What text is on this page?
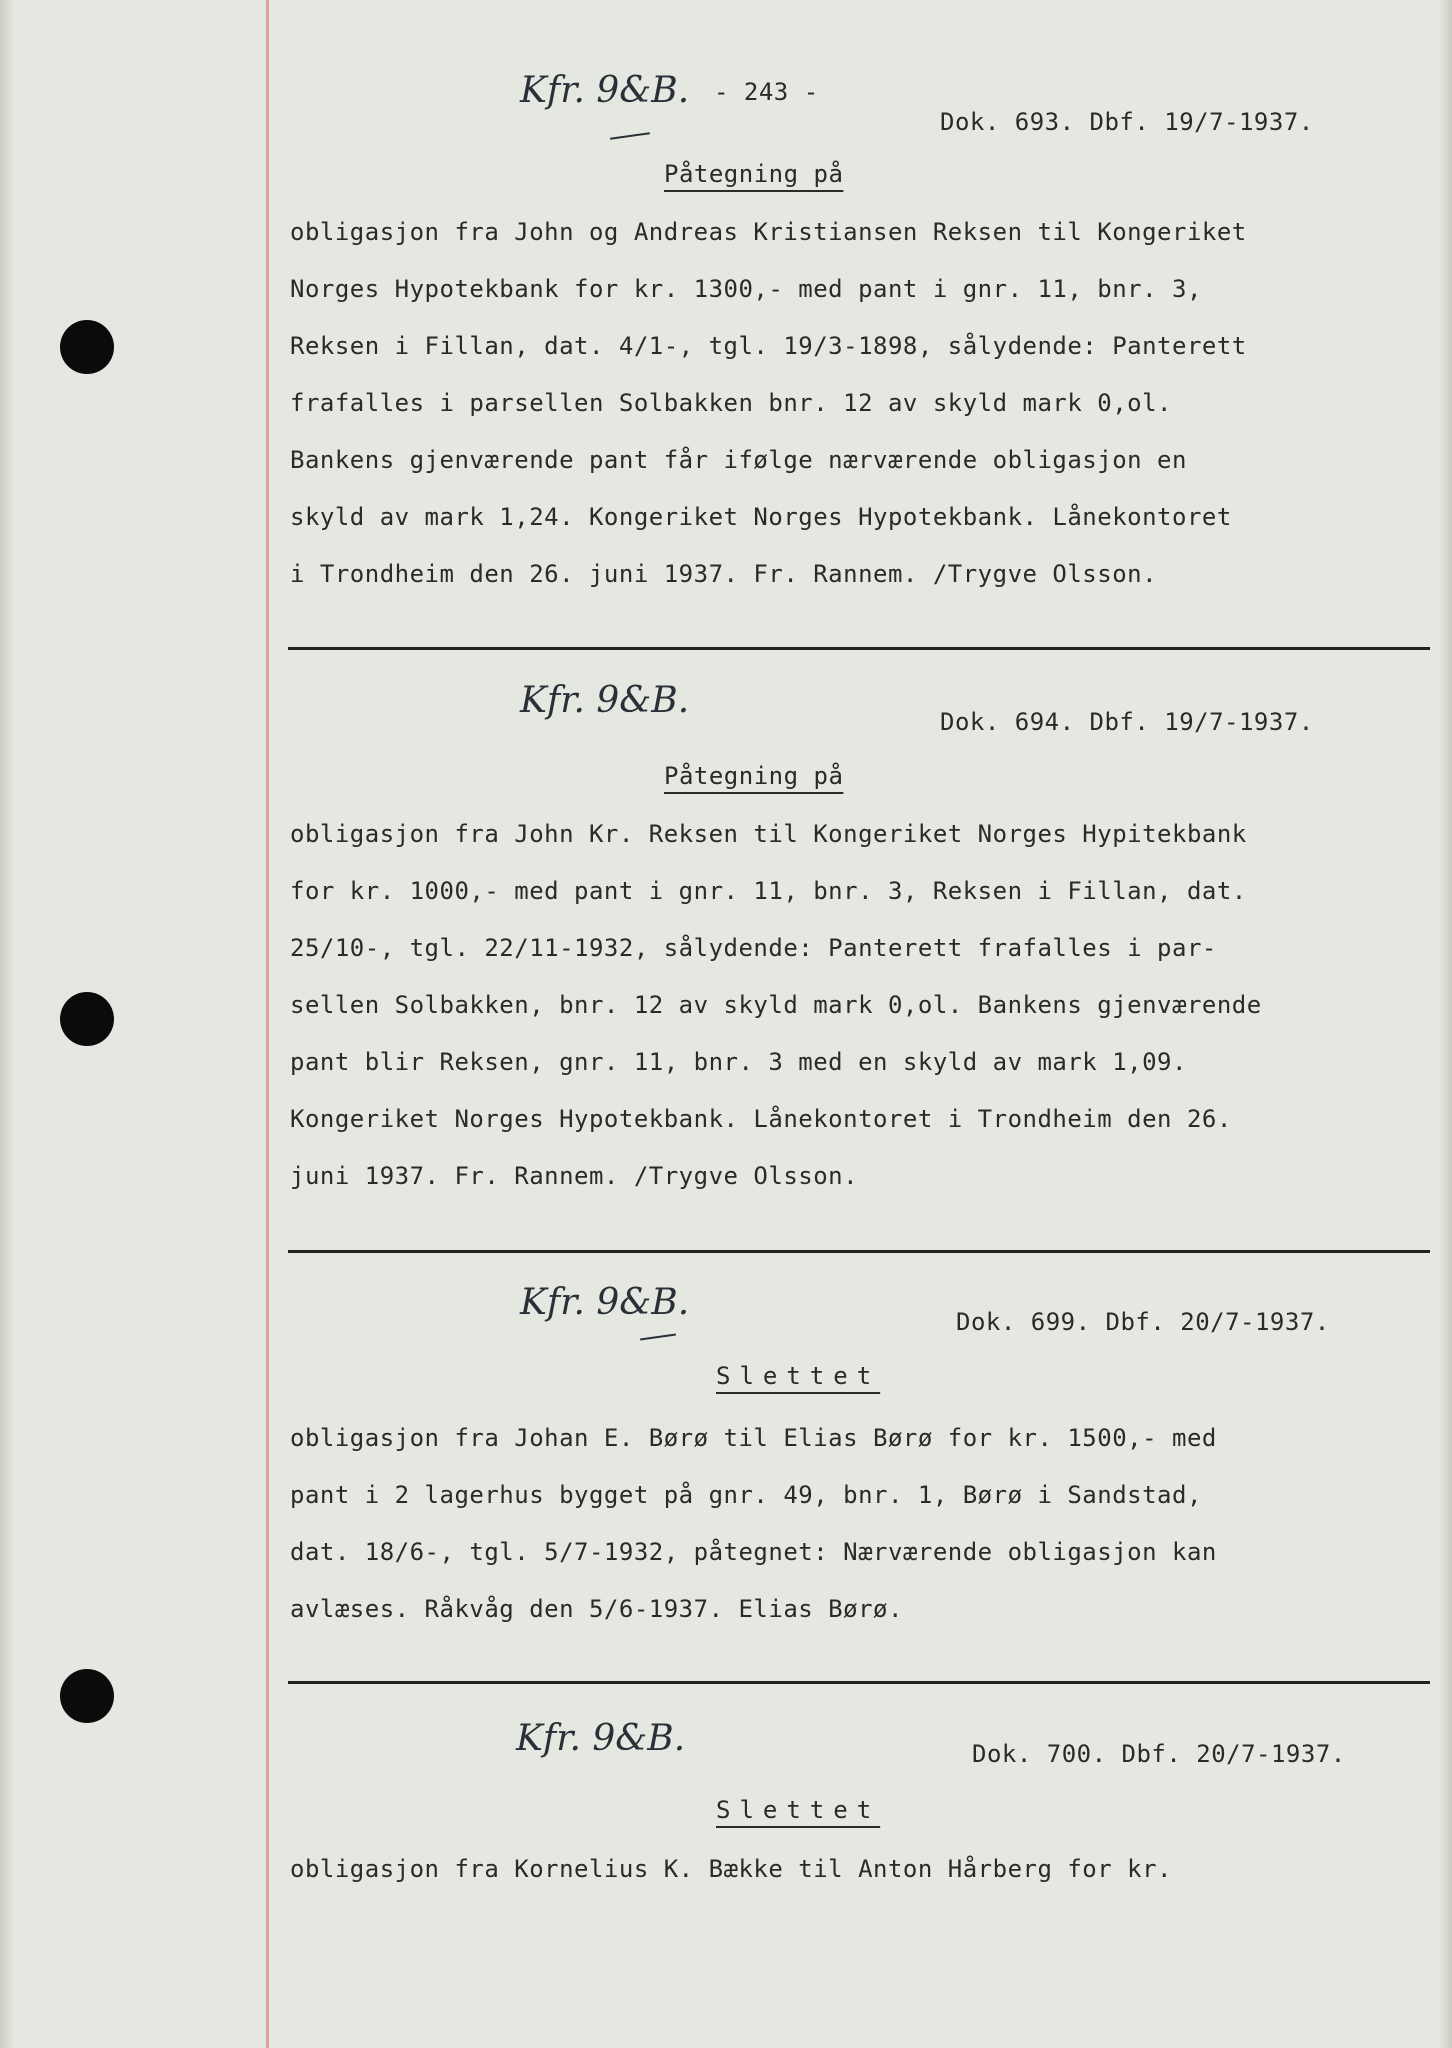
Kfr. 9&B. - 243 -
Dok. 693. Dbf. 19/7-1937.
Påtegning på
obligasjon fra John og Andreas Kristiansen Reksen til Kongeriket
Norges Hypotekbank for kr. 1300,- med pant i gnr. 11, bnr. 3,
Reksen i Fillan, dat. 4/1-, tgl. 19/3-1898, sålydende: Panterett
frafalles i parsellen Solbakken bnr. 12 av skyld mark 0,ol.
Bankens gjenværende pant får ifølge nærværende obligasjon en
skyld av mark 1,24. Kongeriket Norges Hypotekbank. Lånekontoret
i Trondheim den 26. juni 1937. Fr. Rannem. /Trygve Olsson.
Kfr. 9&B.
Dok. 694. Dbf. 19/7-1937.
Påtegning på
obligasjon fra John Kr. Reksen til Kongeriket Norges Hypitekbank
for kr. 1000,- med pant i gnr. 11, bnr. 3, Reksen i Fillan, dat.
25/10-, tgl. 22/11-1932, sålydende: Panterett frafalles i par-
sellen Solbakken, bnr. 12 av skyld mark 0,ol. Bankens gjenværende
pant blir Reksen, gnr. 11, bnr. 3 med en skyld av mark 1,09.
Kongeriket Norges Hypotekbank. Lånekontoret i Trondheim den 26.
juni 1937. Fr. Rannem. /Trygve Olsson.
Kfr. 9&B.	Dok. 699. Dbf. 20/7-1937.
Slettet
obligasjon fra Johan E. Børø til Elias Børø for kr. 1500,- med
pant i 2 lagerhus bygget på gnr. 49, bnr. 1, Børø i Sandstad,
dat. 18/6-, tgl. 5/7-1932, påtegnet: Nærværende obligasjon kan
avlæses. Råkvåg den 5/6-1937. Elias Børø.
Kfr. 9&B.	Dok. 700. Dbf. 20/7-1937.
Slettet
obligasjon fra Kornelius K. Bække til Anton Hårberg for kr.
